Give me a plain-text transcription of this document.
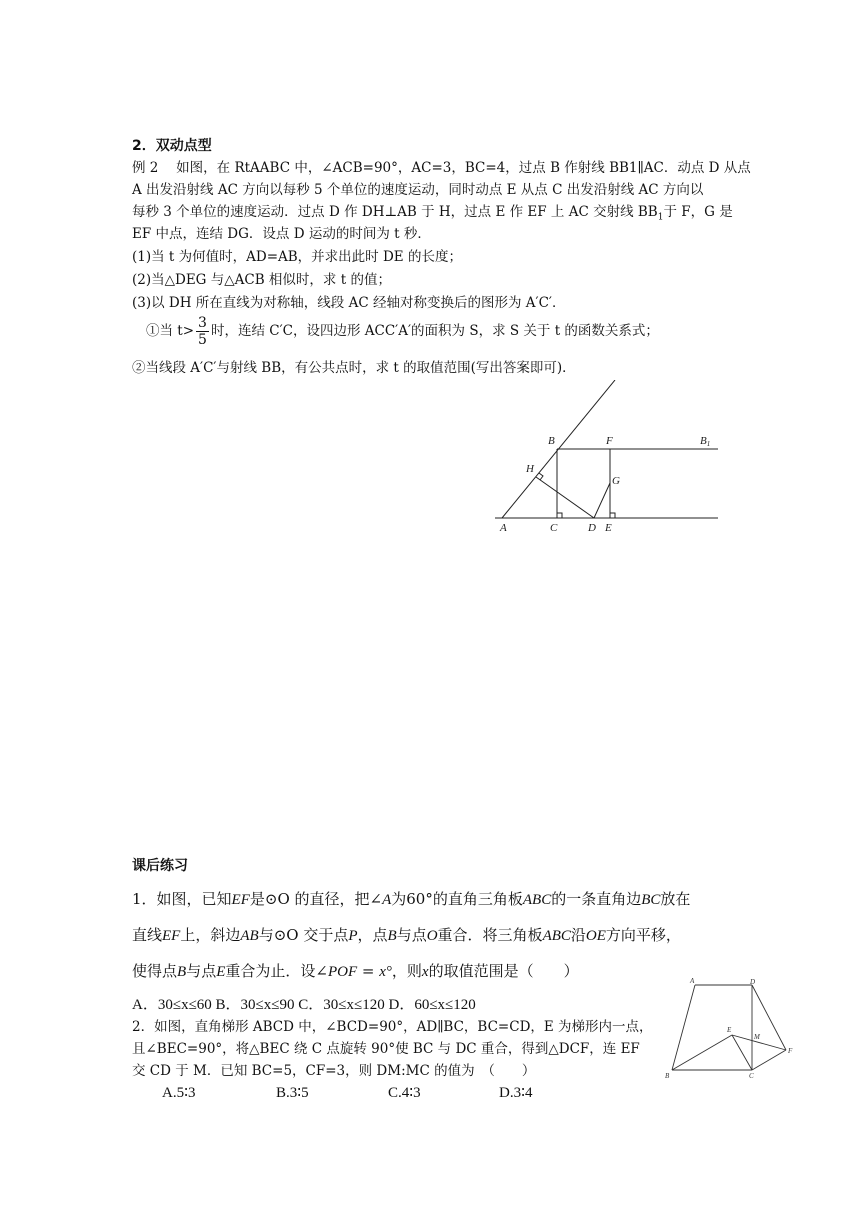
2．双动点型
例 2　 如图，在 RtAABC 中，∠ACB=90°，AC=3，BC=4，过点 B 作射线 BB1∥AC．动点 D 从点
A 出发沿射线 AC 方向以每秒 5 个单位的速度运动，同时动点 E 从点 C 出发沿射线 AC 方向以
每秒 3 个单位的速度运动．过点 D 作 DH⊥AB 于 H，过点 E 作 EF 上 AC 交射线 $BB_1$于 F，G 是
EF 中点，连结 DG．设点 D 运动的时间为 t 秒．
(1)当 t 为何值时，AD=AB，并求出此时 DE 的长度；
(2)当△DEG 与△ACB 相似时，求 t 的值；
(3)以 DH 所在直线为对称轴，线段 AC 经轴对称变换后的图形为 A′C′．
①当 $t> \frac{3}{5}$ 时，连结 C′C，设四边形 ACC′A′的面积为 S，求 S 关于 t 的函数关系式；
②当线段 A′C′与射线 BB，有公共点时，求 t 的取值范围(写出答案即可)．
A
B
C	D E
F
G
H
B1
课后练习
1．如图，已知EF是⊙O 的直径，把∠A为60°的直角三角板ABC的一条直角边BC放在
直线EF上，斜边AB与⊙O 交于点P，点B与点O重合．将三角板ABC沿OE方向平移，
使得点B与点E重合为止．设∠POF = x°，则x的取值范围是（　　）
A．30≤x≤60 B．30≤x≤90 C．30≤x≤120 D．60≤x≤120
2．如图，直角梯形 ABCD 中，∠BCD=90°，AD∥BC，BC=CD，E 为梯形内一点，
且∠BEC=90°，将△BEC 绕 C 点旋转 90°使 BC 与 DC 重合，得到△DCF，连 EF
交 CD 于 M．已知 BC=5，CF=3，则 DM:MC 的值为　（　　）
A.5∶3	B.3∶5	C.4∶3	D.3∶4
A	D
B	C
E
F
M
